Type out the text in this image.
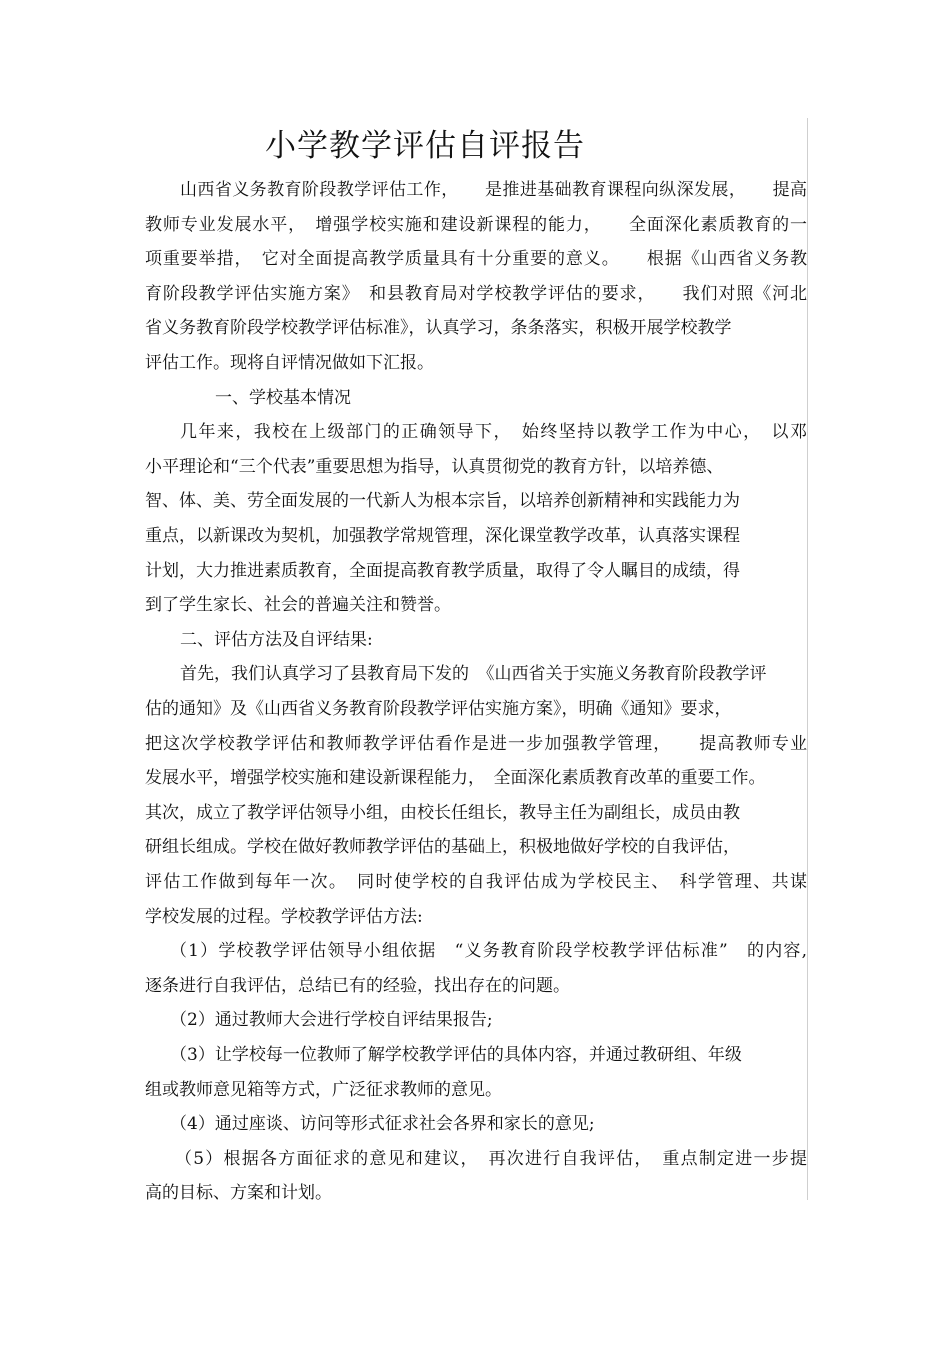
小学教学评估自评报告
山西省义务教育阶段教学评估工作，　　是推进基础教育课程向纵深发展，　　提高
教师专业发展水平，　增强学校实施和建设新课程的能力，　　全面深化素质教育的一
项重要举措，　它对全面提高教学质量具有十分重要的意义。　　根据《山西省义务教
育阶段教学评估实施方案》　和县教育局对学校教学评估的要求，　　我们对照《河北
省义务教育阶段学校教学评估标准》，认真学习，条条落实，积极开展学校教学
评估工作。现将自评情况做如下汇报。
一、学校基本情况
几年来，我校在上级部门的正确领导下，　始终坚持以教学工作为中心，　以邓
小平理论和“三个代表”重要思想为指导，认真贯彻党的教育方针，以培养德、
智、体、美、劳全面发展的一代新人为根本宗旨，以培养创新精神和实践能力为
重点，以新课改为契机，加强教学常规管理，深化课堂教学改革，认真落实课程
计划，大力推进素质教育，全面提高教育教学质量，取得了令人瞩目的成绩，得
到了学生家长、社会的普遍关注和赞誉。
二、评估方法及自评结果:
首先，我们认真学习了县教育局下发的　《山西省关于实施义务教育阶段教学评
估的通知》及《山西省义务教育阶段教学评估实施方案》，明确《通知》要求，
把这次学校教学评估和教师教学评估看作是进一步加强教学管理，　　提高教师专业
发展水平，增强学校实施和建设新课程能力，　全面深化素质教育改革的重要工作。
其次，成立了教学评估领导小组，由校长任组长，教导主任为副组长，成员由教
研组长组成。学校在做好教师教学评估的基础上，积极地做好学校的自我评估，
评估工作做到每年一次。　同时使学校的自我评估成为学校民主、　科学管理、共谋
学校发展的过程。学校教学评估方法:
（1）学校教学评估领导小组依据　“义务教育阶段学校教学评估标准”　的内容,
逐条进行自我评估，总结已有的经验，找出存在的问题。
（2）通过教师大会进行学校自评结果报告;
（3）让学校每一位教师了解学校教学评估的具体内容，并通过教研组、年级
组或教师意见箱等方式，广泛征求教师的意见。
（4）通过座谈、访问等形式征求社会各界和家长的意见;
（5）根据各方面征求的意见和建议，　再次进行自我评估，　重点制定进一步提
高的目标、方案和计划。
